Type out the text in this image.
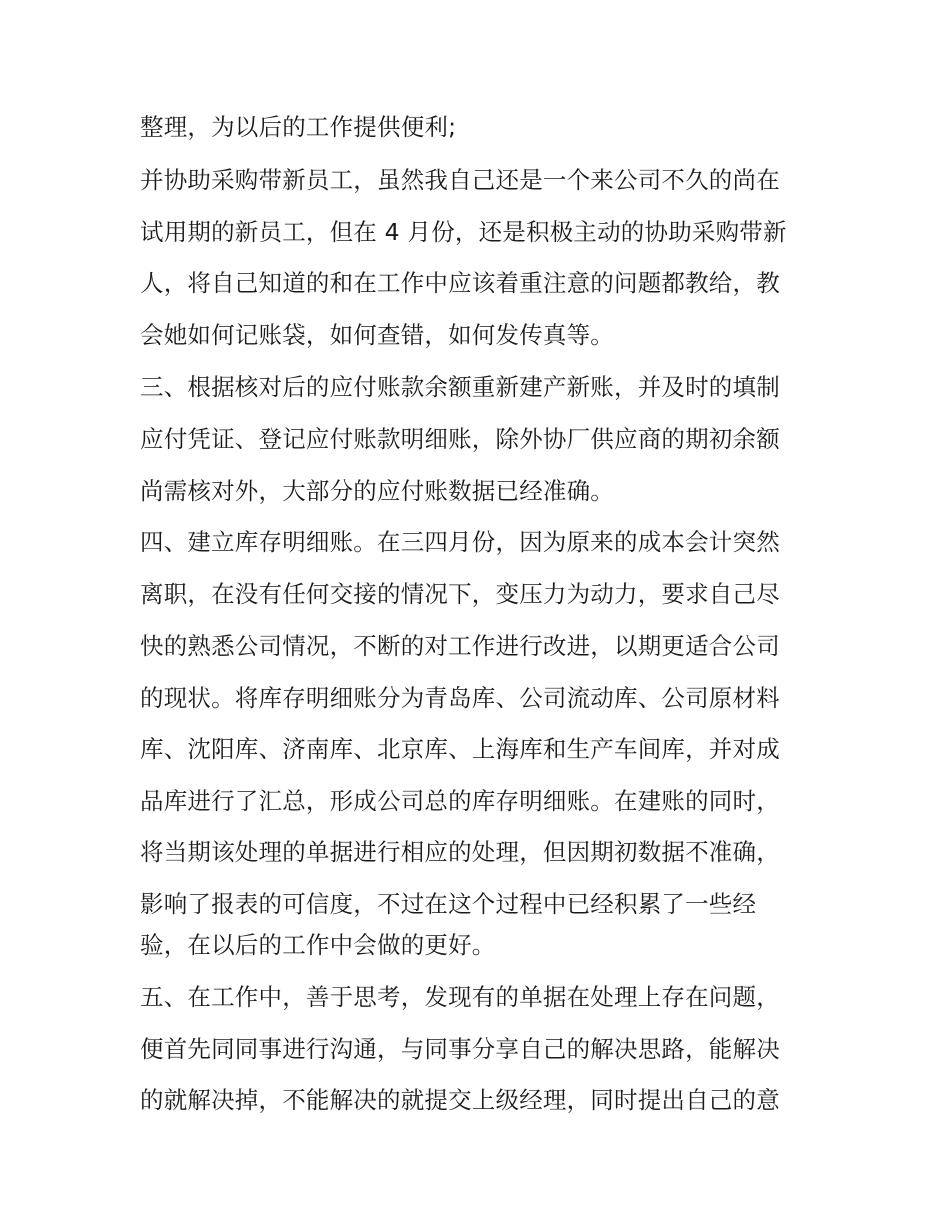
整理，为以后的工作提供便利;
并协助采购带新员工，虽然我自己还是一个来公司不久的尚在
试用期的新员工，但在 4 月份，还是积极主动的协助采购带新
人，将自己知道的和在工作中应该着重注意的问题都教给，教
会她如何记账袋，如何查错，如何发传真等。
三、根据核对后的应付账款余额重新建产新账，并及时的填制
应付凭证、登记应付账款明细账，除外协厂供应商的期初余额
尚需核对外，大部分的应付账数据已经准确。
四、建立库存明细账。在三四月份，因为原来的成本会计突然
离职，在没有任何交接的情况下，变压力为动力，要求自己尽
快的熟悉公司情况，不断的对工作进行改进，以期更适合公司
的现状。将库存明细账分为青岛库、公司流动库、公司原材料
库、沈阳库、济南库、北京库、上海库和生产车间库，并对成
品库进行了汇总，形成公司总的库存明细账。在建账的同时，
将当期该处理的单据进行相应的处理，但因期初数据不准确，
影响了报表的可信度，不过在这个过程中已经积累了一些经
验，在以后的工作中会做的更好。
五、在工作中，善于思考，发现有的单据在处理上存在问题，
便首先同同事进行沟通，与同事分享自己的解决思路，能解决
的就解决掉，不能解决的就提交上级经理，同时提出自己的意
